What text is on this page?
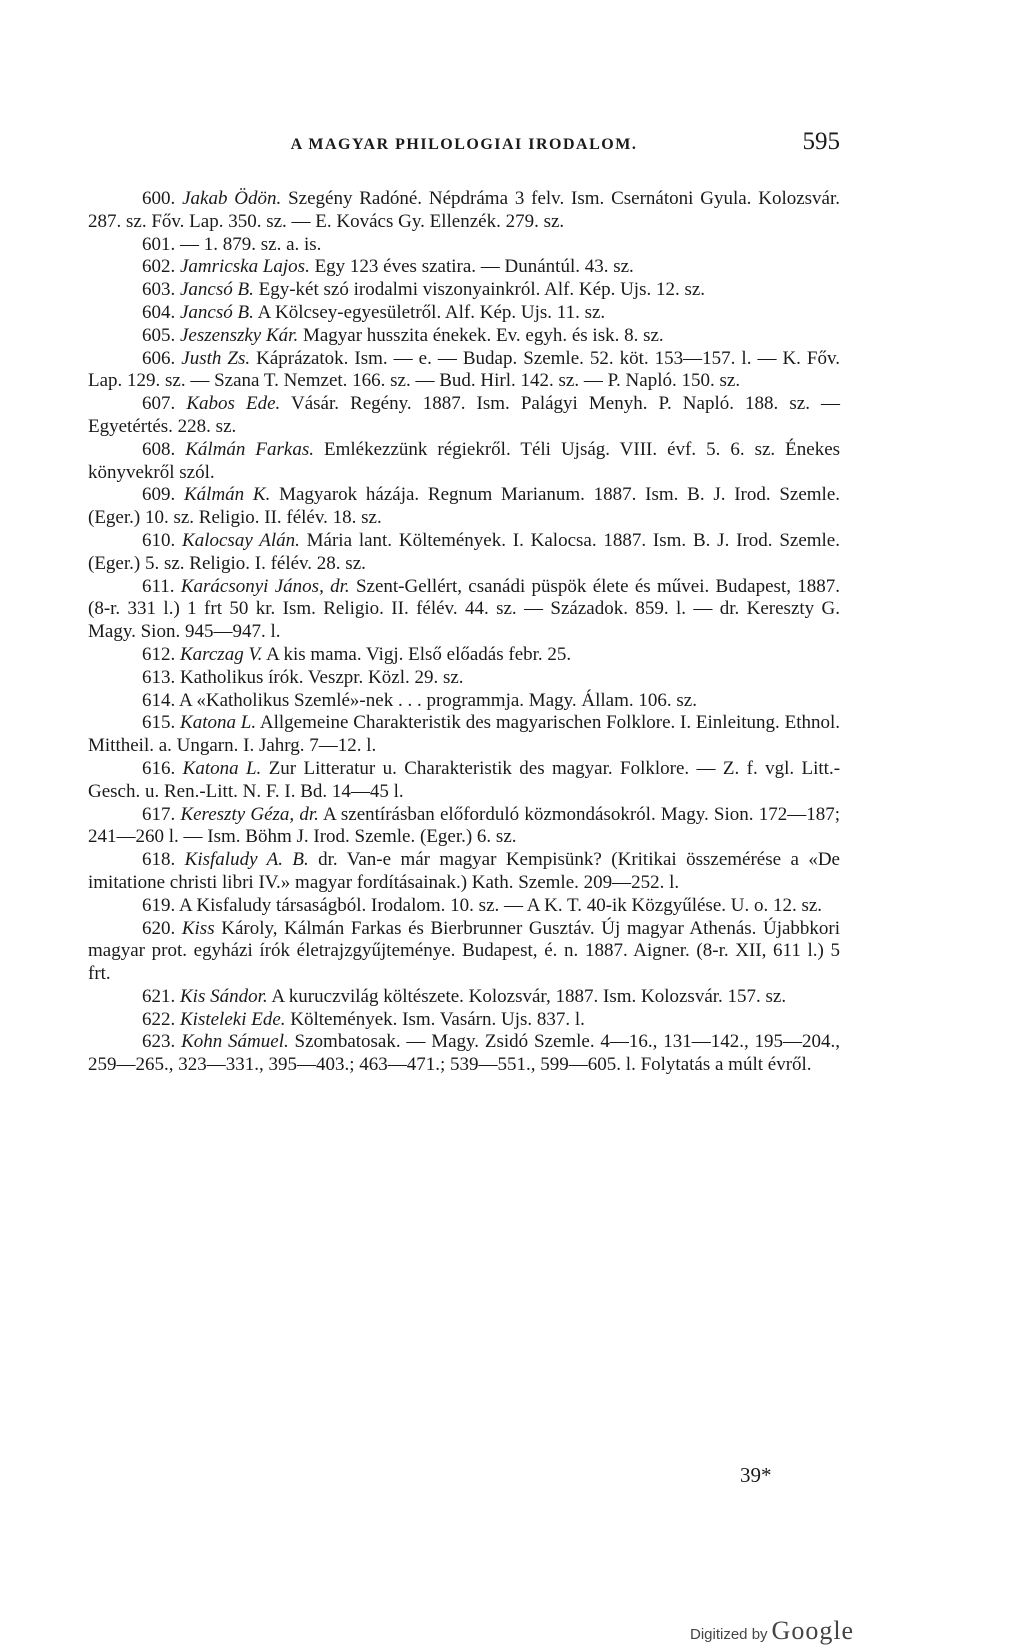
A MAGYAR PHILOLOGIAI IRODALOM.	595

600. Jakab Ödön. Szegény Radóné. Népdráma 3 felv. Ism. Csernátoni Gyula. Kolozsvár. 287. sz. Főv. Lap. 350. sz. — E. Kovács Gy. Ellenzék. 279. sz.

601. — 1. 879. sz. a. is.

602. Jamricska Lajos. Egy 123 éves szatira. — Dunántúl. 43. sz.

603. Jancsó B. Egy-két szó irodalmi viszonyainkról. Alf. Kép. Ujs. 12. sz.

604. Jancsó B. A Kölcsey-egyesületről. Alf. Kép. Ujs. 11. sz.

605. Jeszenszky Kár. Magyar husszita énekek. Ev. egyh. és isk. 8. sz.

606. Justh Zs. Káprázatok. Ism. — e. — Budap. Szemle. 52. köt. 153—157. l. — K. Főv. Lap. 129. sz. — Szana T. Nemzet. 166. sz. — Bud. Hirl. 142. sz. — P. Napló. 150. sz.

607. Kabos Ede. Vásár. Regény. 1887. Ism. Palágyi Menyh. P. Napló. 188. sz. — Egyetértés. 228. sz.

608. Kálmán Farkas. Emlékezzünk régiekről. Téli Ujság. VIII. évf. 5. 6. sz. Énekes könyvekről szól.

609. Kálmán K. Magyarok házája. Regnum Marianum. 1887. Ism. B. J. Irod. Szemle. (Eger.) 10. sz. Religio. II. félév. 18. sz.

610. Kalocsay Alán. Mária lant. Költemények. I. Kalocsa. 1887. Ism. B. J. Irod. Szemle. (Eger.) 5. sz. Religio. I. félév. 28. sz.

611. Karácsonyi János, dr. Szent-Gellért, csanádi püspök élete és művei. Budapest, 1887. (8-r. 331 l.) 1 frt 50 kr. Ism. Religio. II. félév. 44. sz. — Századok. 859. l. — dr. Kereszty G. Magy. Sion. 945—947. l.

612. Karczag V. A kis mama. Vigj. Első előadás febr. 25.

613. Katholikus írók. Veszpr. Közl. 29. sz.

614. A «Katholikus Szemlé»-nek . . . programmja. Magy. Állam. 106. sz.

615. Katona L. Allgemeine Charakteristik des magyarischen Folklore. I. Einleitung. Ethnol. Mittheil. a. Ungarn. I. Jahrg. 7—12. l.

616. Katona L. Zur Litteratur u. Charakteristik des magyar. Folklore. — Z. f. vgl. Litt.-Gesch. u. Ren.-Litt. N. F. I. Bd. 14—45 l.

617. Kereszty Géza, dr. A szentírásban előforduló közmondásokról. Magy. Sion. 172—187; 241—260 l. — Ism. Böhm J. Irod. Szemle. (Eger.) 6. sz.

618. Kisfaludy A. B. dr. Van-e már magyar Kempisünk? (Kritikai összemérése a «De imitatione christi libri IV.» magyar fordításainak.) Kath. Szemle. 209—252. l.

619. A Kisfaludy társaságból. Irodalom. 10. sz. — A K. T. 40-ik Közgyűlése. U. o. 12. sz.

620. Kiss Károly, Kálmán Farkas és Bierbrunner Gusztáv. Új magyar Athenás. Újabbkori magyar prot. egyházi írók életrajzgyűjteménye. Budapest, é. n. 1887. Aigner. (8-r. XII, 611 l.) 5 frt.

621. Kis Sándor. A kuruczvilág költészete. Kolozsvár, 1887. Ism. Kolozsvár. 157. sz.

622. Kisteleki Ede. Költemények. Ism. Vasárn. Ujs. 837. l.

623. Kohn Sámuel. Szombatosak. — Magy. Zsidó Szemle. 4—16., 131—142., 195—204., 259—265., 323—331., 395—403.; 463—471.; 539—551., 599—605. l. Folytatás a múlt évről.

39*
Digitized by Google
